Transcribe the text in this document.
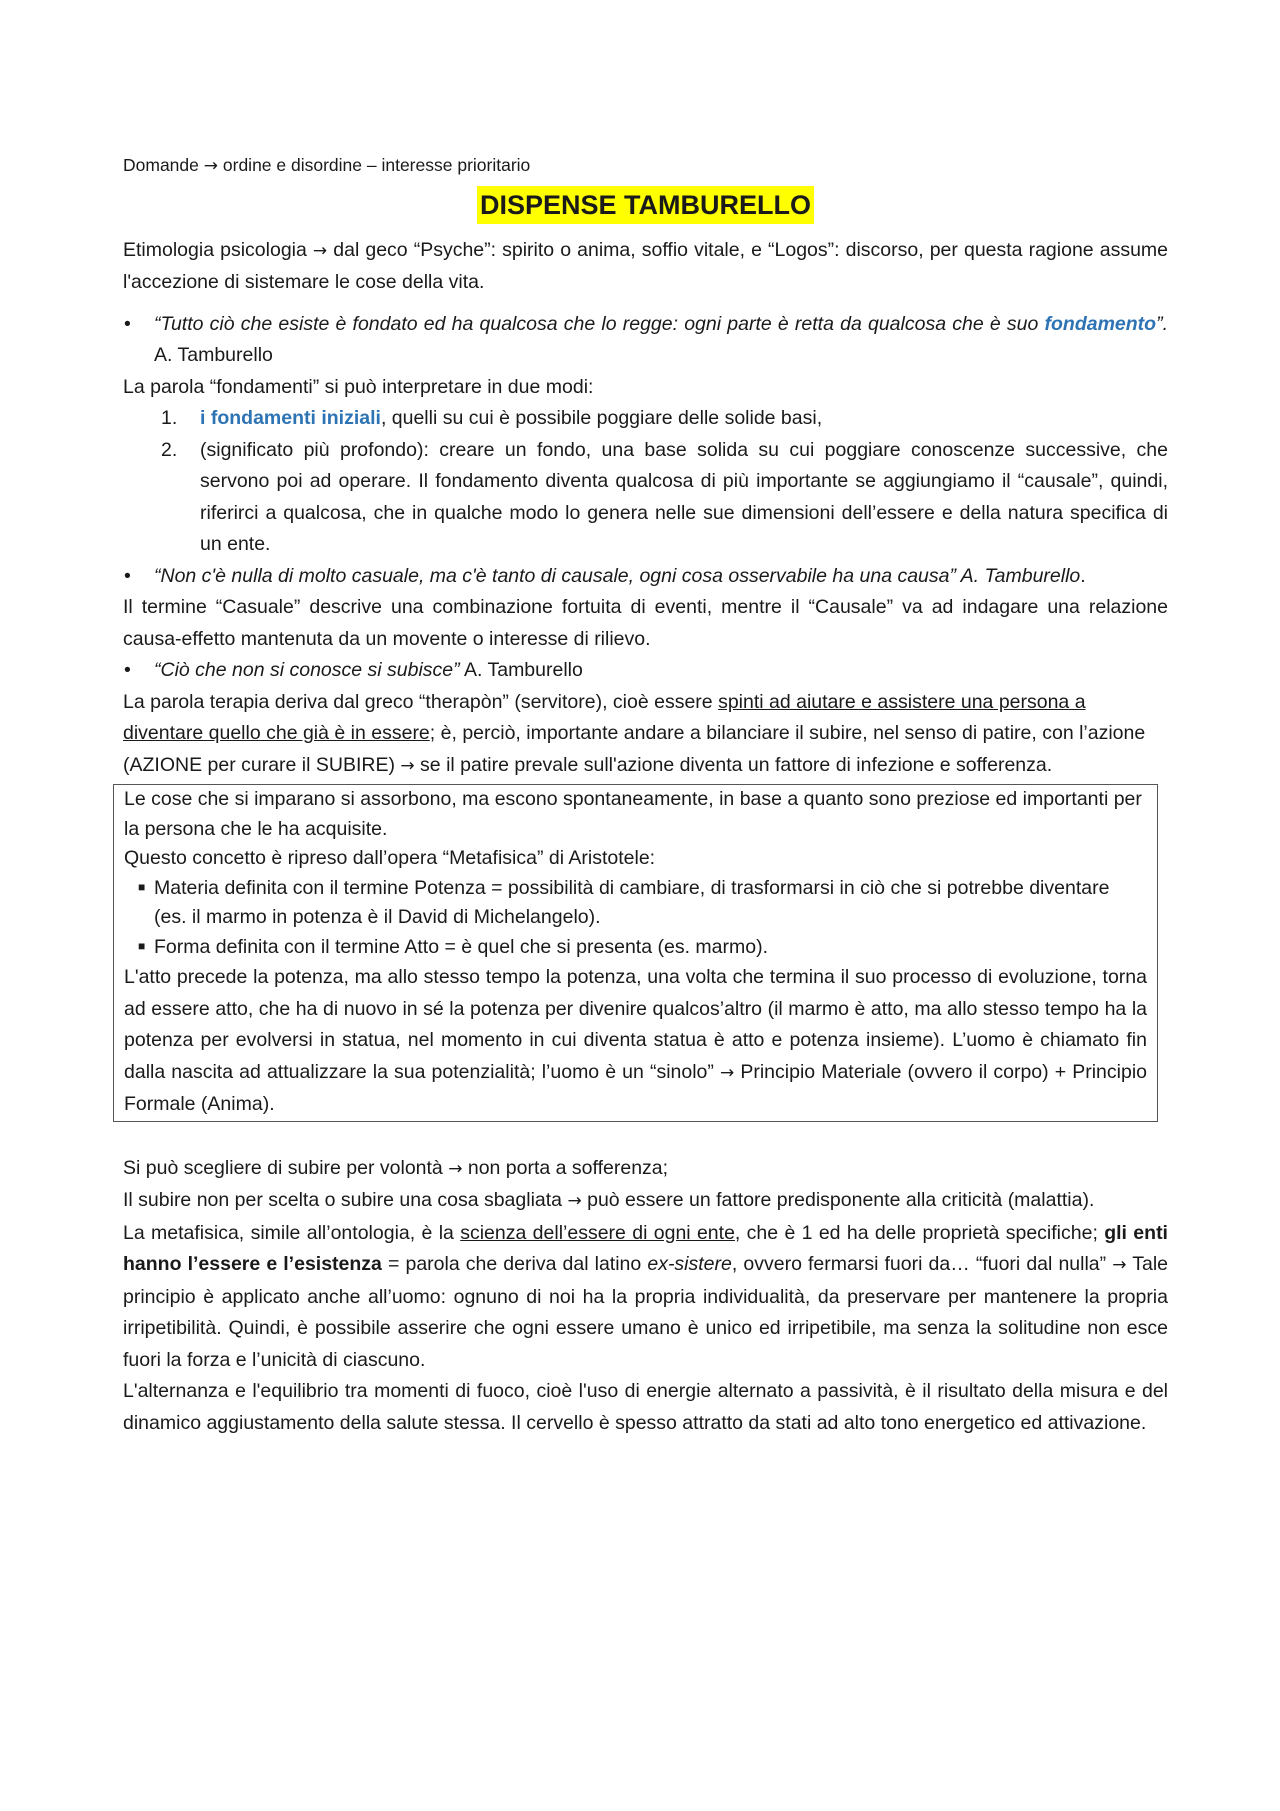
Domande → ordine e disordine – interesse prioritario

DISPENSE TAMBURELLO

Etimologia psicologia → dal geco “Psyche”: spirito o anima, soffio vitale, e “Logos”: discorso, per questa ragione assume l'accezione di sistemare le cose della vita.

• “Tutto ciò che esiste è fondato ed ha qualcosa che lo regge: ogni parte è retta da qualcosa che è suo fondamento”. A. Tamburello

La parola “fondamenti” si può interpretare in due modi:

1. i fondamenti iniziali, quelli su cui è possibile poggiare delle solide basi,

2. (significato più profondo): creare un fondo, una base solida su cui poggiare conoscenze successive, che servono poi ad operare. Il fondamento diventa qualcosa di più importante se aggiungiamo il “causale”, quindi, riferirci a qualcosa, che in qualche modo lo genera nelle sue dimensioni dell’essere e della natura specifica di un ente.

• “Non c'è nulla di molto casuale, ma c'è tanto di causale, ogni cosa osservabile ha una causa” A. Tamburello.

Il termine “Casuale” descrive una combinazione fortuita di eventi, mentre il “Causale” va ad indagare una relazione causa-effetto mantenuta da un movente o interesse di rilievo.

• “Ciò che non si conosce si subisce” A. Tamburello

La parola terapia deriva dal greco “therapòn” (servitore), cioè essere spinti ad aiutare e assistere una persona a diventare quello che già è in essere; è, perciò, importante andare a bilanciare il subire, nel senso di patire, con l’azione (AZIONE per curare il SUBIRE) → se il patire prevale sull'azione diventa un fattore di infezione e sofferenza.

Le cose che si imparano si assorbono, ma escono spontaneamente, in base a quanto sono preziose ed importanti per la persona che le ha acquisite.

Questo concetto è ripreso dall’opera “Metafisica” di Aristotele:

■ Materia definita con il termine Potenza = possibilità di cambiare, di trasformarsi in ciò che si potrebbe diventare (es. il marmo in potenza è il David di Michelangelo).

■ Forma definita con il termine Atto = è quel che si presenta (es. marmo).

L'atto precede la potenza, ma allo stesso tempo la potenza, una volta che termina il suo processo di evoluzione, torna ad essere atto, che ha di nuovo in sé la potenza per divenire qualcos’altro (il marmo è atto, ma allo stesso tempo ha la potenza per evolversi in statua, nel momento in cui diventa statua è atto e potenza insieme). L’uomo è chiamato fin dalla nascita ad attualizzare la sua potenzialità; l’uomo è un “sinolo” → Principio Materiale (ovvero il corpo) + Principio Formale (Anima).

Si può scegliere di subire per volontà → non porta a sofferenza;

Il subire non per scelta o subire una cosa sbagliata → può essere un fattore predisponente alla criticità (malattia).

La metafisica, simile all’ontologia, è la scienza dell’essere di ogni ente, che è 1 ed ha delle proprietà specifiche; gli enti hanno l’essere e l’esistenza = parola che deriva dal latino ex-sistere, ovvero fermarsi fuori da… “fuori dal nulla” → Tale principio è applicato anche all’uomo: ognuno di noi ha la propria individualità, da preservare per mantenere la propria irripetibilità. Quindi, è possibile asserire che ogni essere umano è unico ed irripetibile, ma senza la solitudine non esce fuori la forza e l’unicità di ciascuno.

L'alternanza e l'equilibrio tra momenti di fuoco, cioè l'uso di energie alternato a passività, è il risultato della misura e del dinamico aggiustamento della salute stessa. Il cervello è spesso attratto da stati ad alto tono energetico ed attivazione.
